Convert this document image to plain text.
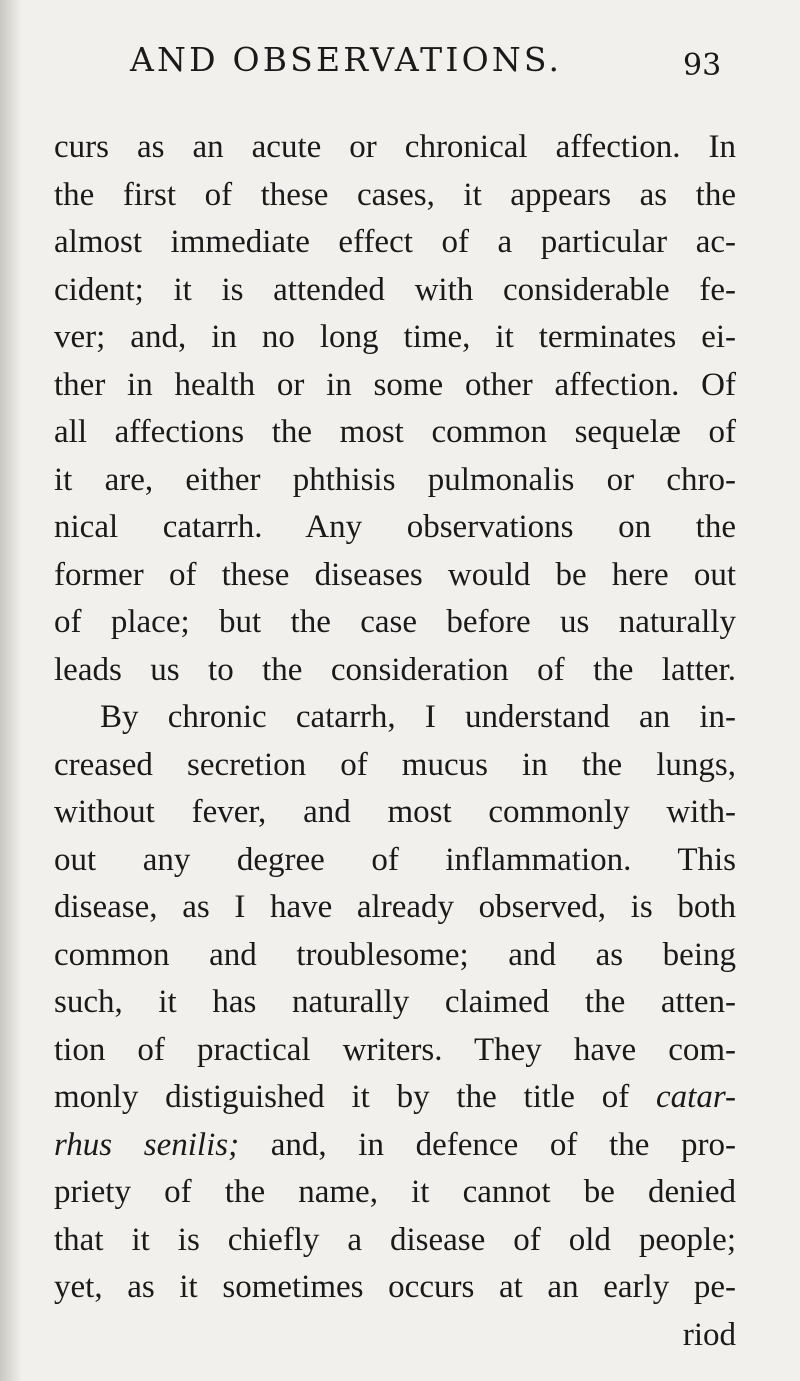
AND OBSERVATIONS.	93
curs as an acute or chronical affection. In
the first of these cases, it appears as the
almost immediate effect of a particular ac-
cident; it is attended with considerable fe-
ver; and, in no long time, it terminates ei-
ther in health or in some other affection. Of
all affections the most common sequelæ of
it are, either phthisis pulmonalis or chro-
nical catarrh. Any observations on the
former of these diseases would be here out
of place; but the case before us naturally
leads us to the consideration of the latter.
By chronic catarrh, I understand an in-
creased secretion of mucus in the lungs,
without fever, and most commonly with-
out any degree of inflammation. This
disease, as I have already observed, is both
common and troublesome; and as being
such, it has naturally claimed the atten-
tion of practical writers. They have com-
monly distiguished it by the title of catar-
rhus senilis; and, in defence of the pro-
priety of the name, it cannot be denied
that it is chiefly a disease of old people;
yet, as it sometimes occurs at an early pe-
riod
